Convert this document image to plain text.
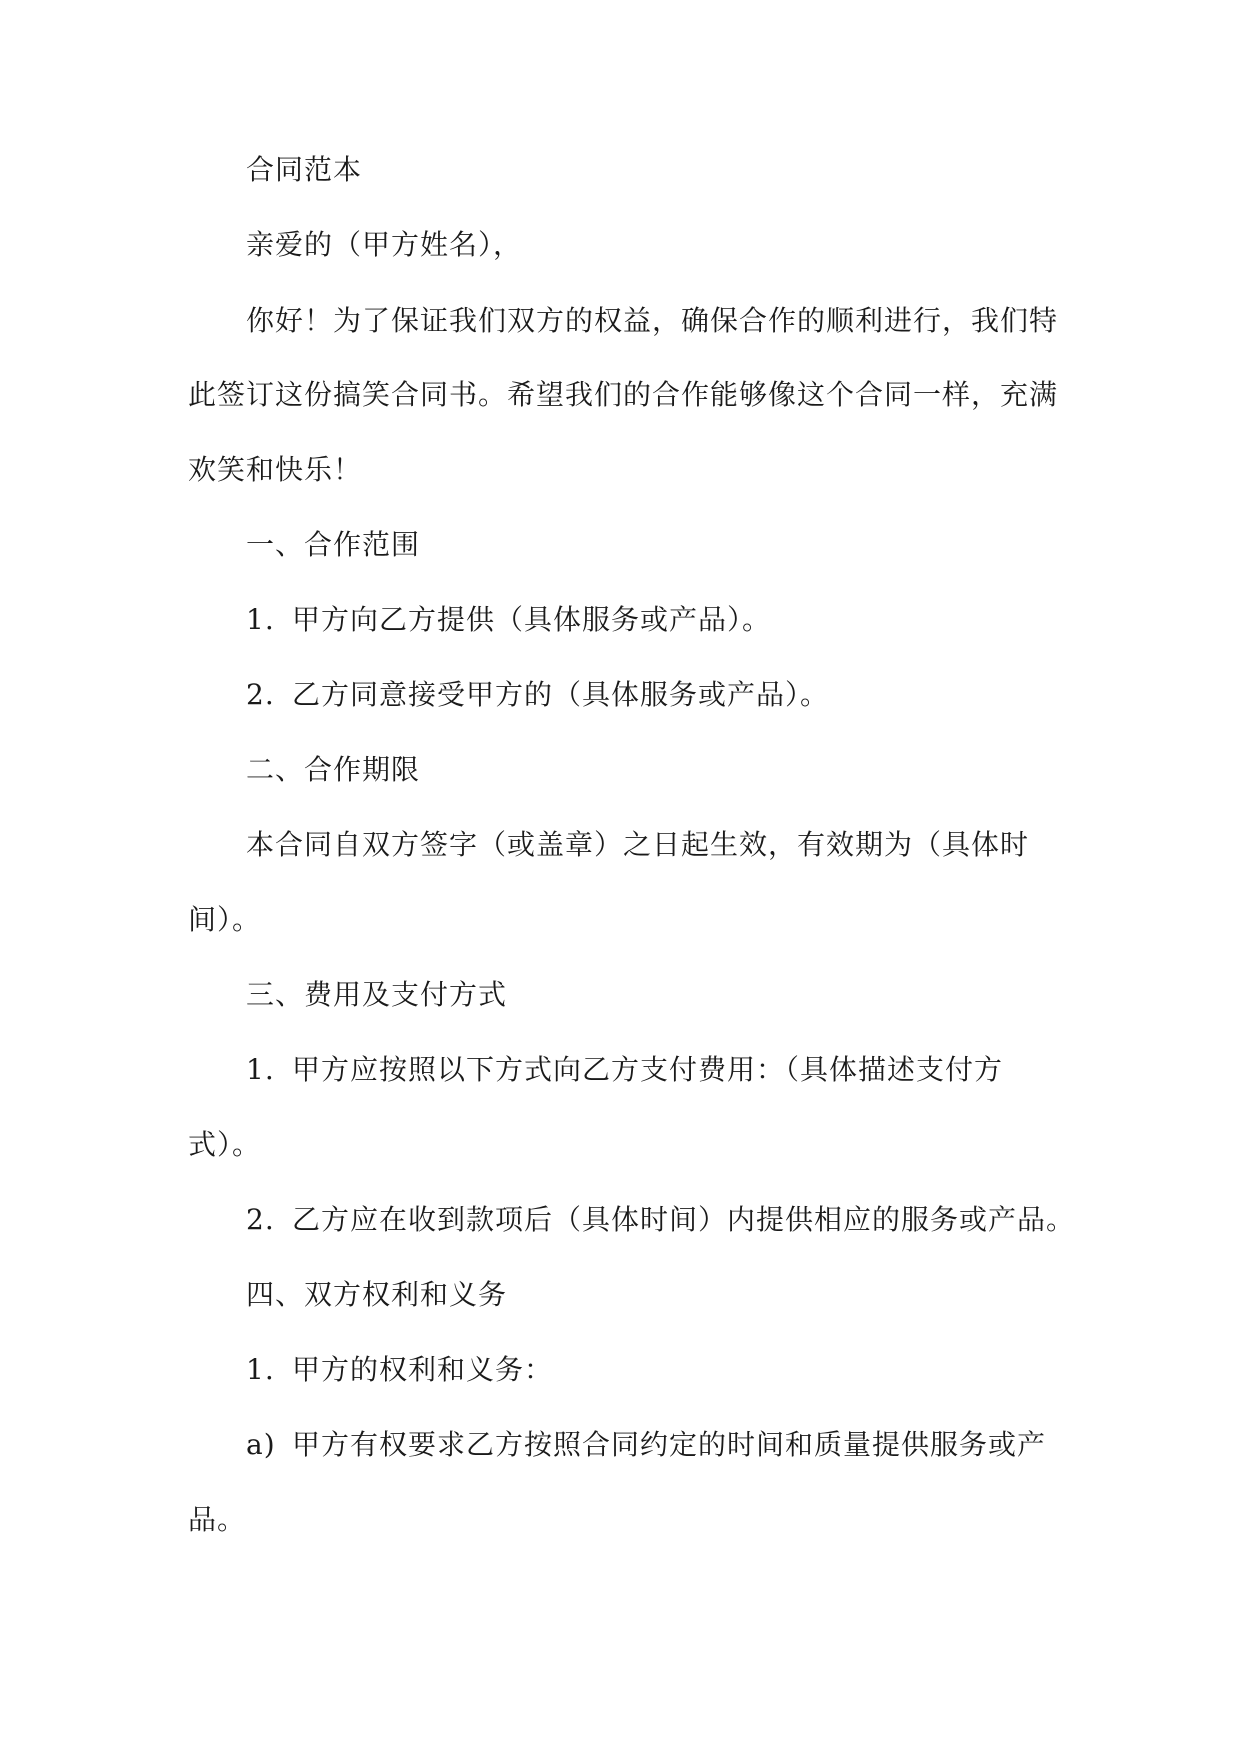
合同范本
亲爱的（甲方姓名），
你好！为了保证我们双方的权益，确保合作的顺利进行，我们特
此签订这份搞笑合同书。希望我们的合作能够像这个合同一样，充满
欢笑和快乐！
一、合作范围
1. 甲方向乙方提供（具体服务或产品）。
2. 乙方同意接受甲方的（具体服务或产品）。
二、合作期限
本合同自双方签字（或盖章）之日起生效，有效期为（具体时
间）。
三、费用及支付方式
1. 甲方应按照以下方式向乙方支付费用：（具体描述支付方
式）。
2. 乙方应在收到款项后（具体时间）内提供相应的服务或产品。
四、双方权利和义务
1. 甲方的权利和义务：
a) 甲方有权要求乙方按照合同约定的时间和质量提供服务或产
品。
